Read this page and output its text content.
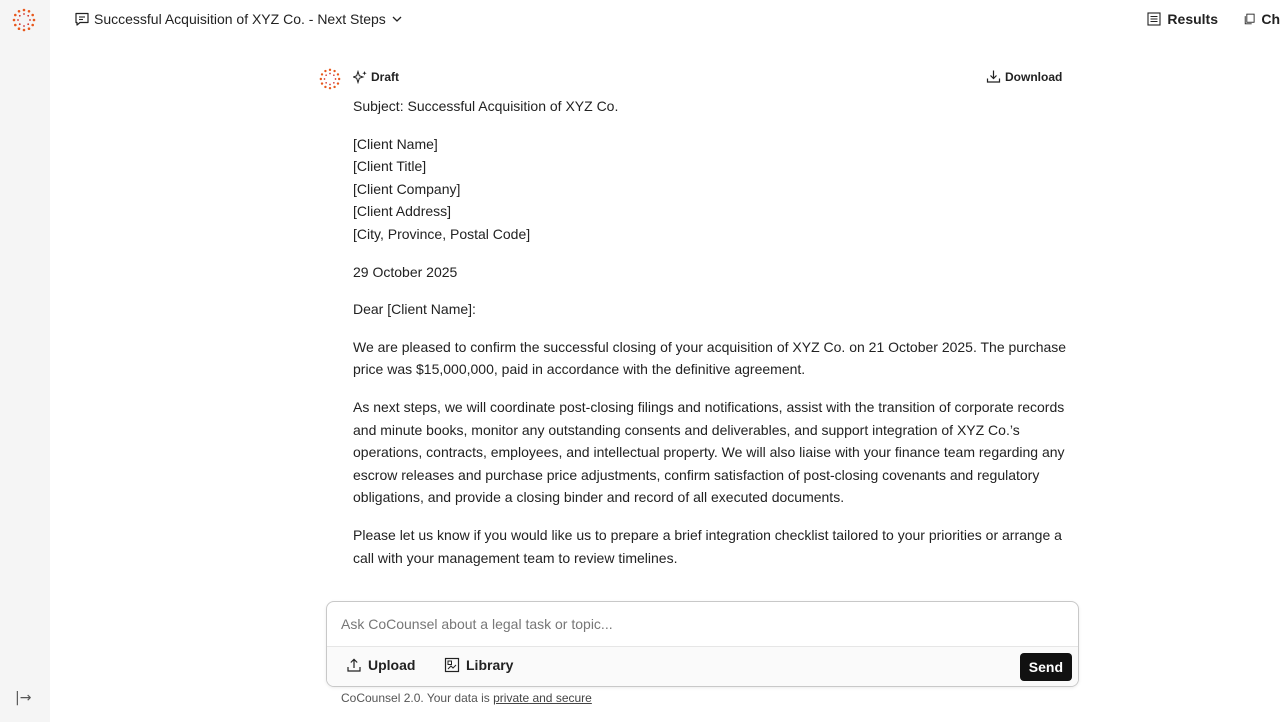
|→
Successful Acquisition of XYZ Co. - Next Steps	Results	Ch
Draft	Download

Subject: Successful Acquisition of XYZ Co.

[Client Name]
[Client Title]
[Client Company]
[Client Address]
[City, Province, Postal Code]

29 October 2025

Dear [Client Name]:

We are pleased to confirm the successful closing of your acquisition of XYZ Co. on 21 October 2025. The purchase price was $15,000,000, paid in accordance with the definitive agreement.

As next steps, we will coordinate post-closing filings and notifications, assist with the transition of corporate records and minute books, monitor any outstanding consents and deliverables, and support integration of XYZ Co.’s operations, contracts, employees, and intellectual property. We will also liaise with your finance team regarding any escrow releases and purchase price adjustments, confirm satisfaction of post-closing covenants and regulatory obligations, and provide a closing binder and record of all executed documents.

Please let us know if you would like us to prepare a brief integration checklist tailored to your priorities or arrange a call with your management team to review timelines.

Ask CoCounsel about a legal task or topic...
Upload	Library	Send
CoCounsel 2.0. Your data is private and secure
